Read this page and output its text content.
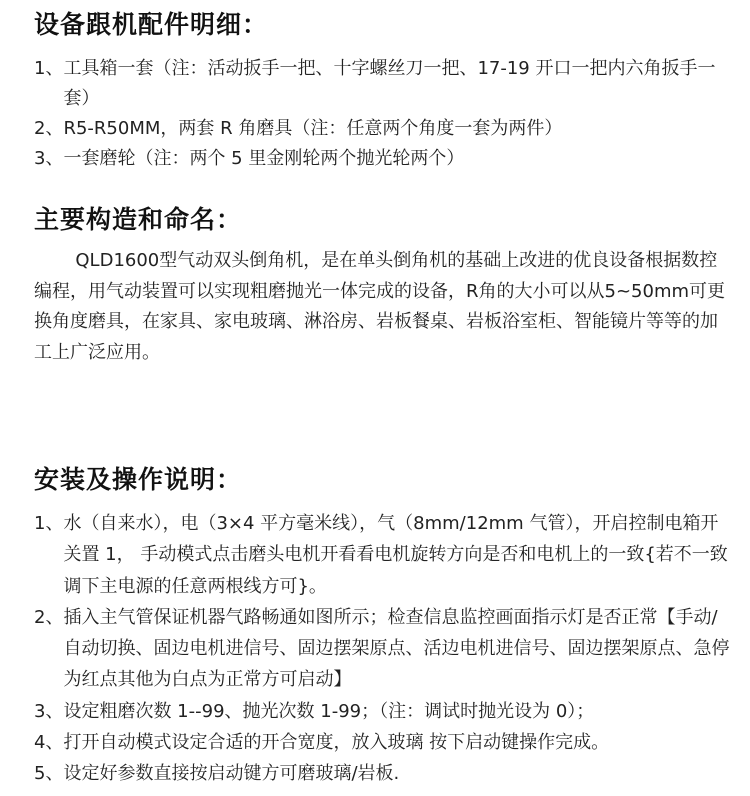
设备跟机配件明细：
1、 工具箱一套（注：活动扳手一把、十字螺丝刀一把、17-19 开口一把内六角扳手一套）
2、 R5-R50MM，两套 R 角磨具（注：任意两个角度一套为两件）
3、 一套磨轮（注：两个 5 里金刚轮两个抛光轮两个）
主要构造和命名：

QLD1600型气动双头倒角机，是在单头倒角机的基础上改进的优良设备根据数控编程，用气动装置可以实现粗磨抛光一体完成的设备，R角的大小可以从5~50mm可更换角度磨具，在家具、家电玻璃、淋浴房、岩板餐桌、岩板浴室柜、智能镜片等等的加工上广泛应用。

安装及操作说明：
1、 水（自来水），电（3×4 平方毫米线），气（8mm/12mm 气管），开启控制电箱开关置 1， 手动模式点击磨头电机开看看电机旋转方向是否和电机上的一致{若不一致调下主电源的任意两根线方可}。
2、 插入主气管保证机器气路畅通如图所示；检查信息监控画面指示灯是否正常【手动/自动切换、固边电机进信号、固边摆架原点、活边电机进信号、固边摆架原点、急停为红点其他为白点为正常方可启动】
3、 设定粗磨次数 1--99、抛光次数 1-99；（注：调试时抛光设为 0）；
4、 打开自动模式设定合适的开合宽度，放入玻璃 按下启动键操作完成。
5、 设定好参数直接按启动键方可磨玻璃/岩板.
